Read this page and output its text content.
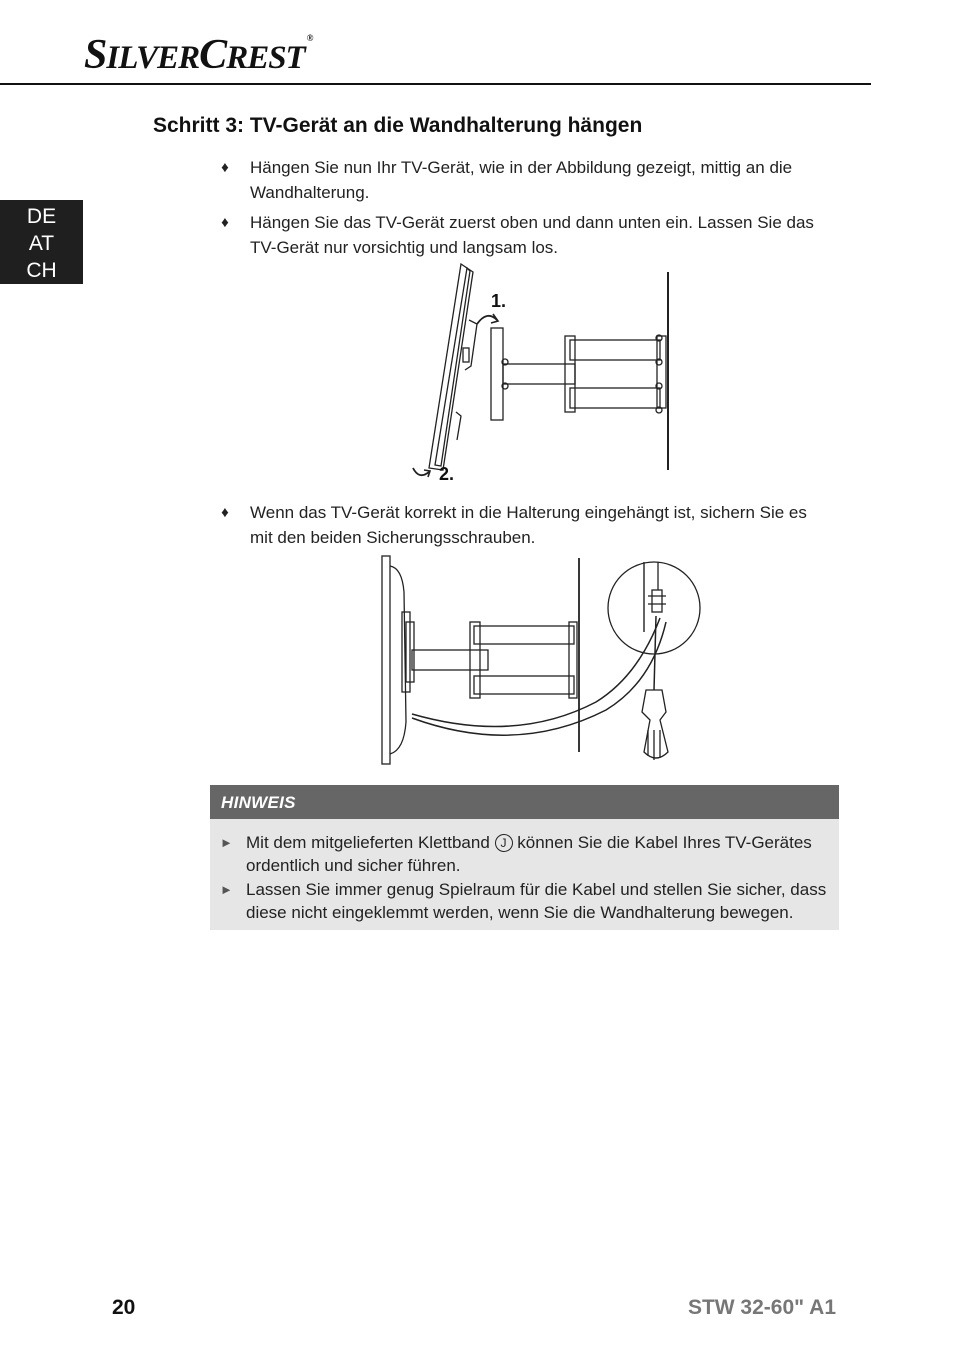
SILVERCREST®
DE
AT
CH
Schritt 3: TV-Gerät an die Wandhalterung hängen
♦ Hängen Sie nun Ihr TV-Gerät, wie in der Abbildung gezeigt, mittig an die Wandhalterung.
♦ Hängen Sie das TV-Gerät zuerst oben und dann unten ein. Lassen Sie das TV-Gerät nur vorsichtig und langsam los.
1.
2.
♦ Wenn das TV-Gerät korrekt in die Halterung eingehängt ist, sichern Sie es mit den beiden Sicherungsschrauben.
HINWEIS
► Mit dem mitgelieferten Klettband J können Sie die Kabel Ihres TV-Gerätes ordentlich und sicher führen.
► Lassen Sie immer genug Spielraum für die Kabel und stellen Sie sicher, dass diese nicht eingeklemmt werden, wenn Sie die Wandhalterung bewegen.
20	STW 32-60" A1
